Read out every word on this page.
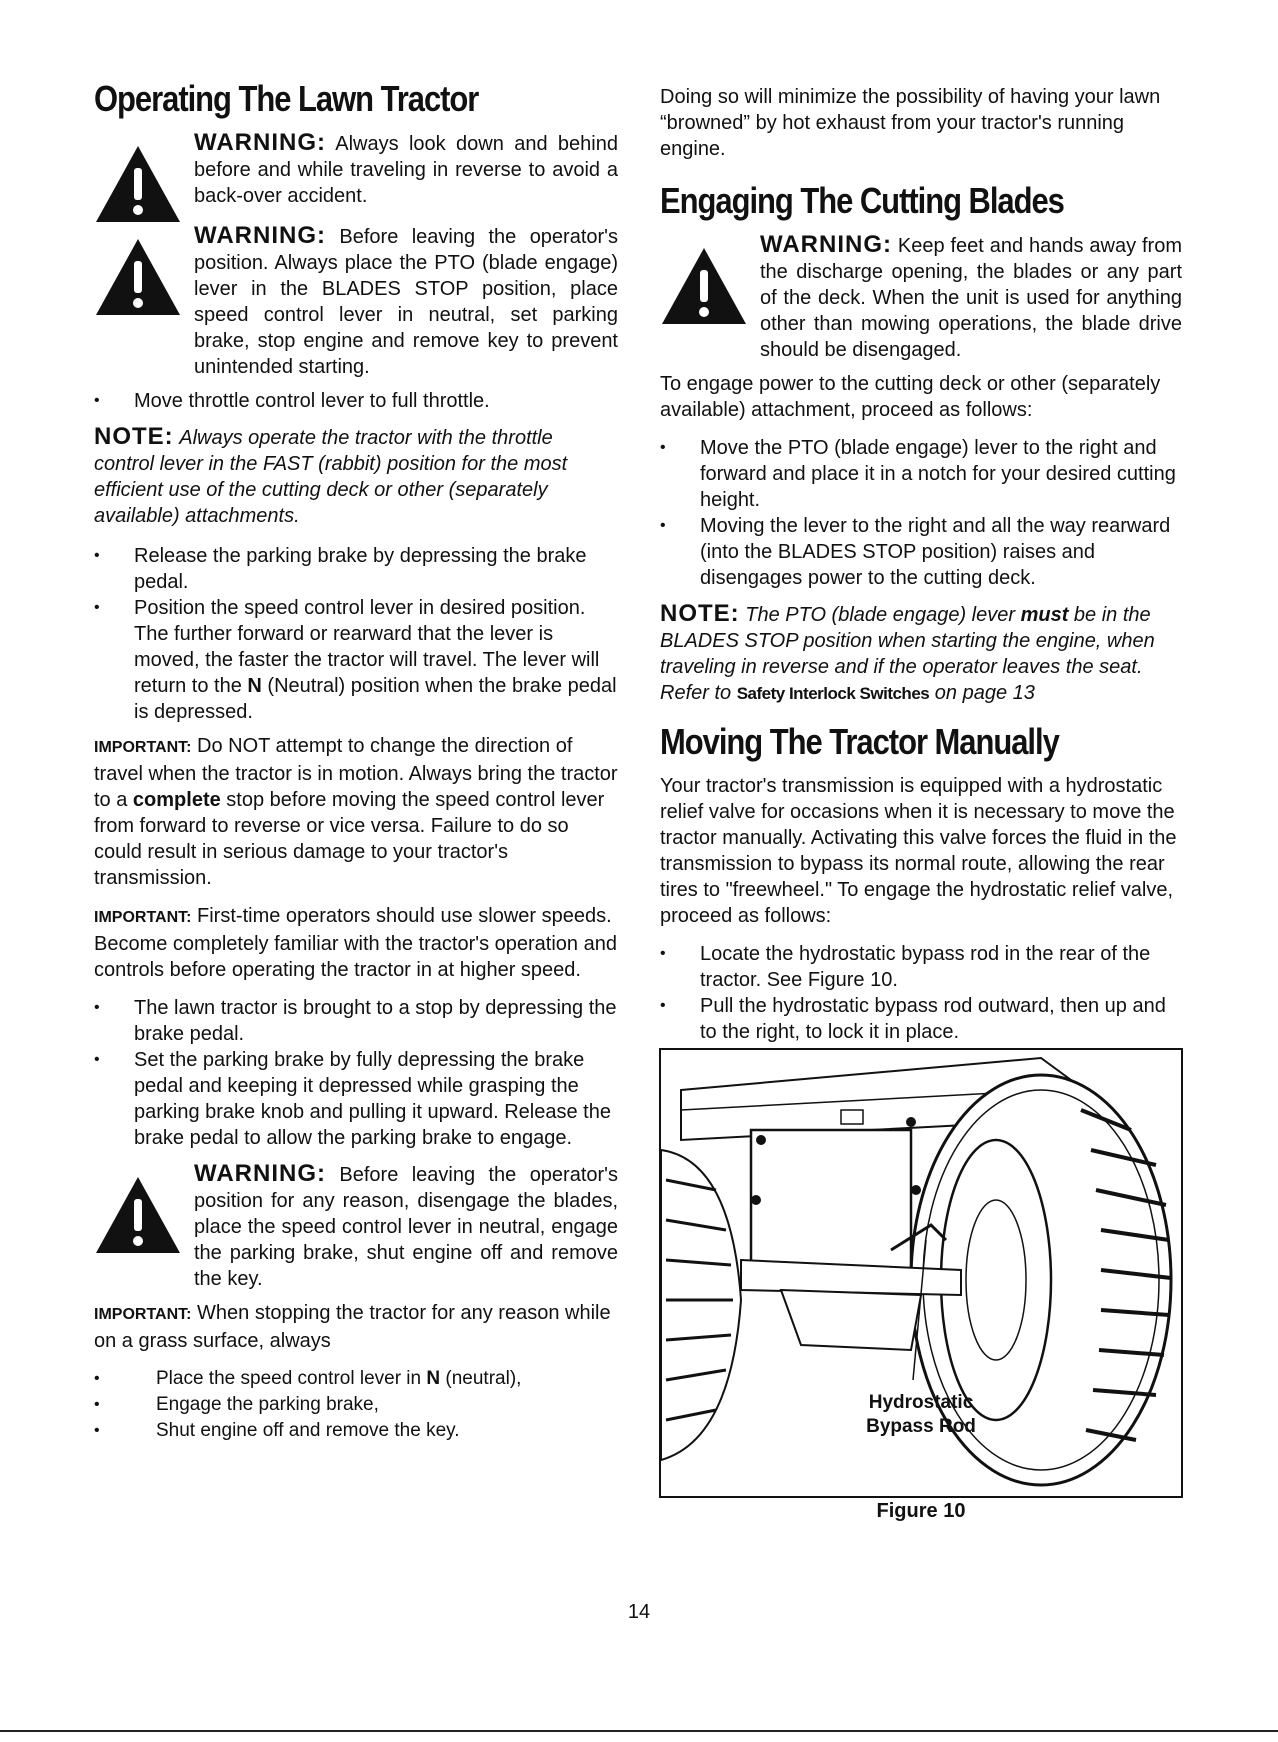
Operating The Lawn Tractor

WARNING: Always look down and behind before and while traveling in reverse to avoid a back-over accident.

WARNING: Before leaving the operator's position. Always place the PTO (blade engage) lever in the BLADES STOP position, place speed control lever in neutral, set parking brake, stop engine and remove key to prevent unintended starting.

• Move throttle control lever to full throttle.

NOTE: Always operate the tractor with the throttle control lever in the FAST (rabbit) position for the most efficient use of the cutting deck or other (separately available) attachments.

• Release the parking brake by depressing the brake pedal.
• Position the speed control lever in desired position. The further forward or rearward that the lever is moved, the faster the tractor will travel. The lever will return to the N (Neutral) position when the brake pedal is depressed.

IMPORTANT: Do NOT attempt to change the direction of travel when the tractor is in motion. Always bring the tractor to a complete stop before moving the speed control lever from forward to reverse or vice versa. Failure to do so could result in serious damage to your tractor's transmission.

IMPORTANT: First-time operators should use slower speeds. Become completely familiar with the tractor's operation and controls before operating the tractor in at higher speed.

• The lawn tractor is brought to a stop by depressing the brake pedal.
• Set the parking brake by fully depressing the brake pedal and keeping it depressed while grasping the parking brake knob and pulling it upward. Release the brake pedal to allow the parking brake to engage.

WARNING: Before leaving the operator's position for any reason, disengage the blades, place the speed control lever in neutral, engage the parking brake, shut engine off and remove the key.

IMPORTANT: When stopping the tractor for any reason while on a grass surface, always

• Place the speed control lever in N (neutral),
• Engage the parking brake,
• Shut engine off and remove the key.

Doing so will minimize the possibility of having your lawn “browned” by hot exhaust from your tractor's running engine.

Engaging The Cutting Blades

WARNING: Keep feet and hands away from the discharge opening, the blades or any part of the deck. When the unit is used for anything other than mowing operations, the blade drive should be disengaged.

To engage power to the cutting deck or other (separately available) attachment, proceed as follows:

• Move the PTO (blade engage) lever to the right and forward and place it in a notch for your desired cutting height.
• Moving the lever to the right and all the way rearward (into the BLADES STOP position) raises and disengages power to the cutting deck.

NOTE: The PTO (blade engage) lever must be in the BLADES STOP position when starting the engine, when traveling in reverse and if the operator leaves the seat. Refer to Safety Interlock Switches on page 13

Moving The Tractor Manually

Your tractor's transmission is equipped with a hydrostatic relief valve for occasions when it is necessary to move the tractor manually. Activating this valve forces the fluid in the transmission to bypass its normal route, allowing the rear tires to "freewheel." To engage the hydrostatic relief valve, proceed as follows:

• Locate the hydrostatic bypass rod in the rear of the tractor. See Figure 10.
• Pull the hydrostatic bypass rod outward, then up and to the right, to lock it in place.
Hydrostatic
Bypass Rod
Figure 10
14
